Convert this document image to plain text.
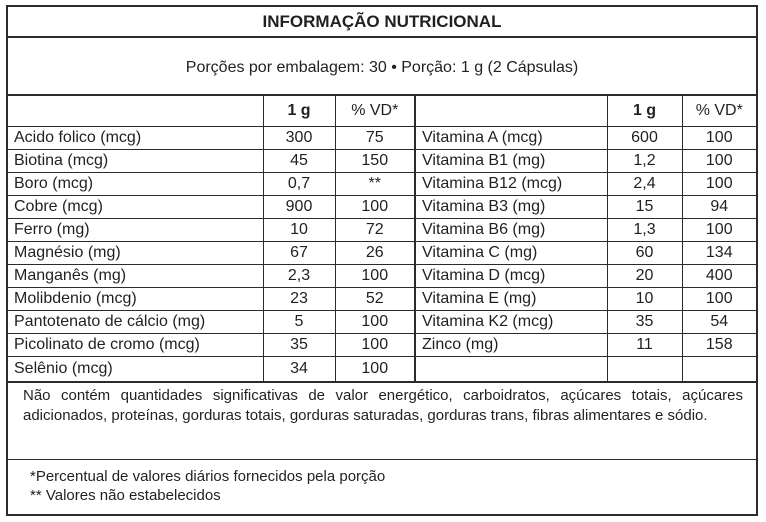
INFORMAÇÃO NUTRICIONAL
Porções por embalagem: 30 • Porção: 1 g (2 Cápsulas)
	1 g	% VD*		1 g	% VD*
Acido folico (mcg)	300	75	Vitamina A (mcg)	600	100
Biotina (mcg)	45	150	Vitamina B1 (mg)	1,2	100
Boro (mcg)	0,7	**	Vitamina B12 (mcg)	2,4	100
Cobre (mcg)	900	100	Vitamina B3 (mg)	15	94
Ferro (mg)	10	72	Vitamina B6 (mg)	1,3	100
Magnésio (mg)	67	26	Vitamina C (mg)	60	134
Manganês (mg)	2,3	100	Vitamina D (mcg)	20	400
Molibdenio (mcg)	23	52	Vitamina E (mg)	10	100
Pantotenato de cálcio (mg)	5	100	Vitamina K2 (mcg)	35	54
Picolinato de cromo (mcg)	35	100	Zinco (mg)	11	158
Selênio (mcg)	34	100			
Não contém quantidades significativas de valor energético, carboidratos, açúcares totais, açúcares adicionados, proteínas, gorduras totais, gorduras saturadas, gorduras trans, fibras alimentares e sódio.
*Percentual de valores diários fornecidos pela porção
** Valores não estabelecidos
